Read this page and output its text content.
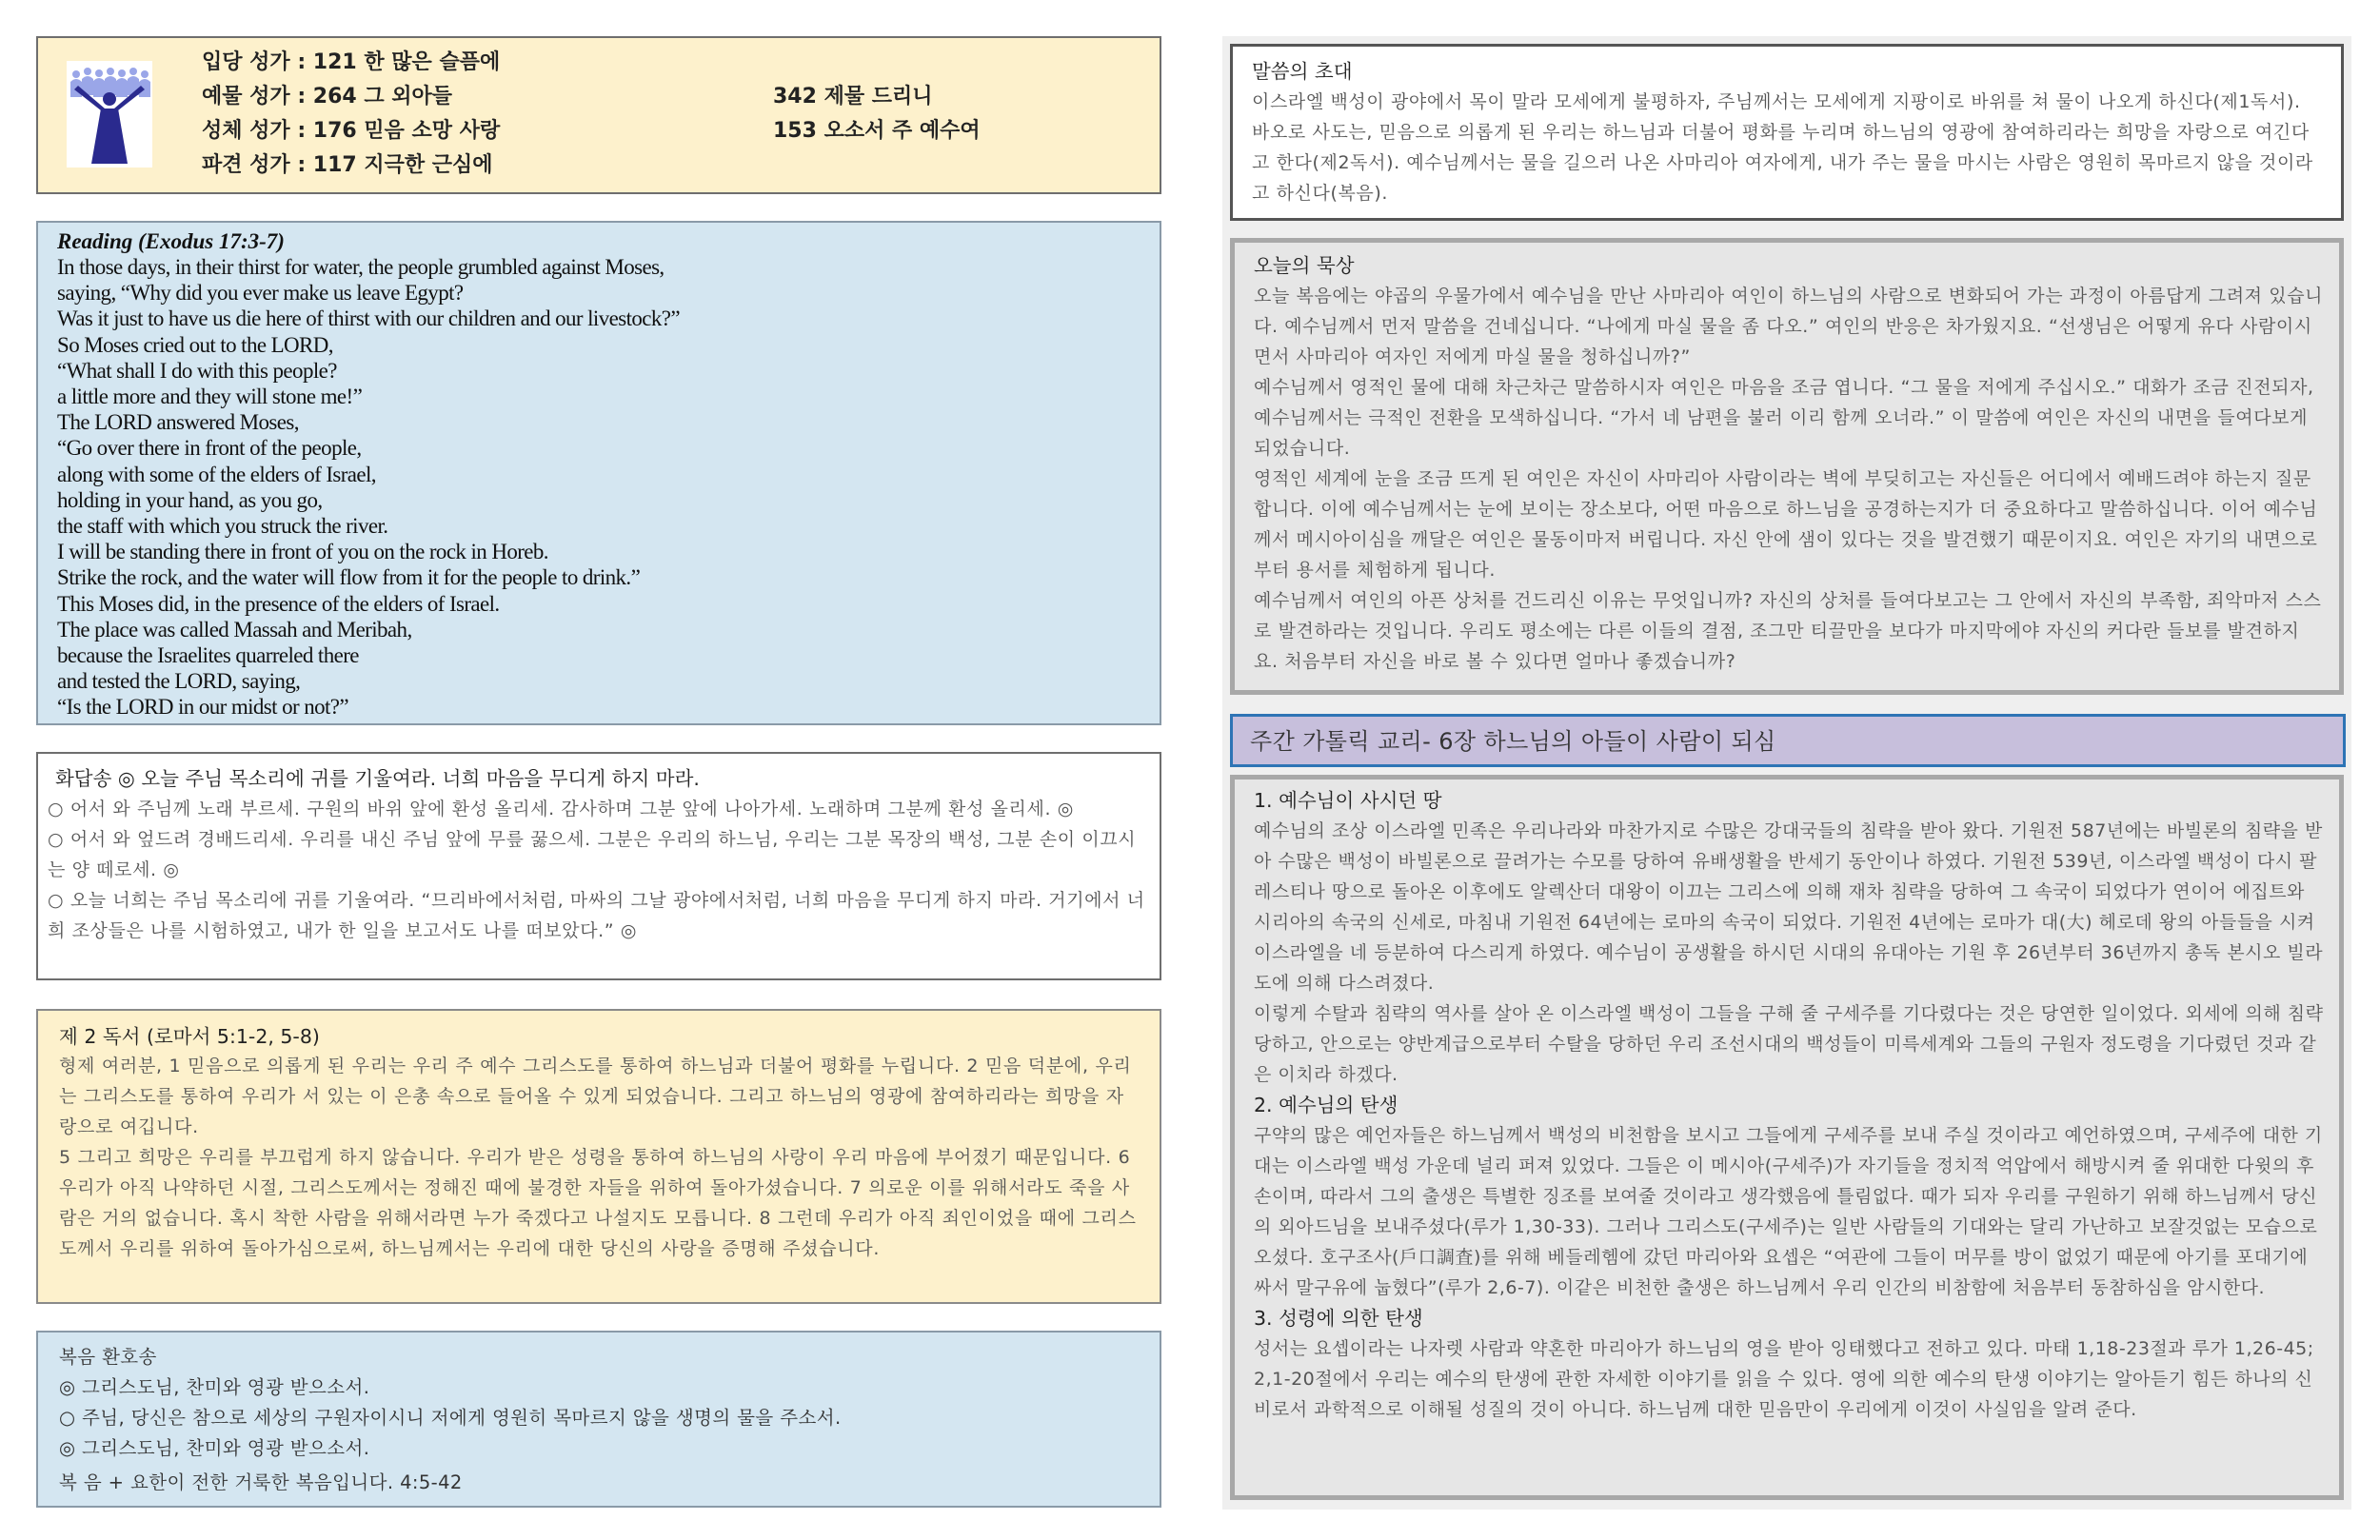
입당 성가 : 121 한 많은 슬픔에
예물 성가 : 264 그 외아들
성체 성가 : 176 믿음 소망 사랑
파견 성가 : 117 지극한 근심에
342 제물 드리니
153 오소서 주 예수여
Reading (Exodus 17:3-7)
In those days, in their thirst for water, the people grumbled against Moses,
saying, “Why did you ever make us leave Egypt?
Was it just to have us die here of thirst with our children and our livestock?”
So Moses cried out to the LORD,
“What shall I do with this people?
a little more and they will stone me!”
The LORD answered Moses,
“Go over there in front of the people,
along with some of the elders of Israel,
holding in your hand, as you go,
the staff with which you struck the river.
I will be standing there in front of you on the rock in Horeb.
Strike the rock, and the water will flow from it for the people to drink.”
This Moses did, in the presence of the elders of Israel.
The place was called Massah and Meribah,
because the Israelites quarreled there
and tested the LORD, saying,
“Is the LORD in our midst or not?”
화답송 ◎ 오늘 주님 목소리에 귀를 기울여라. 너희 마음을 무디게 하지 마라.
○ 어서 와 주님께 노래 부르세. 구원의 바위 앞에 환성 올리세. 감사하며 그분 앞에 나아가세. 노래하며 그분께 환성 올리세. ◎
○ 어서 와 엎드려 경배드리세. 우리를 내신 주님 앞에 무릎 꿇으세. 그분은 우리의 하느님, 우리는 그분 목장의 백성, 그분 손이 이끄시는 양 떼로세. ◎
○ 오늘 너희는 주님 목소리에 귀를 기울여라. “므리바에서처럼, 마싸의 그날 광야에서처럼, 너희 마음을 무디게 하지 마라. 거기에서 너희 조상들은 나를 시험하였고, 내가 한 일을 보고서도 나를 떠보았다.” ◎
제 2 독서 (로마서 5:1-2, 5-8)
형제 여러분, 1 믿음으로 의롭게 된 우리는 우리 주 예수 그리스도를 통하여 하느님과 더불어 평화를 누립니다. 2 믿음 덕분에, 우리는 그리스도를 통하여 우리가 서 있는 이 은총 속으로 들어올 수 있게 되었습니다. 그리고 하느님의 영광에 참여하리라는 희망을 자랑으로 여깁니다.
5 그리고 희망은 우리를 부끄럽게 하지 않습니다. 우리가 받은 성령을 통하여 하느님의 사랑이 우리 마음에 부어졌기 때문입니다. 6 우리가 아직 나약하던 시절, 그리스도께서는 정해진 때에 불경한 자들을 위하여 돌아가셨습니다. 7 의로운 이를 위해서라도 죽을 사람은 거의 없습니다. 혹시 착한 사람을 위해서라면 누가 죽겠다고 나설지도 모릅니다. 8 그런데 우리가 아직 죄인이었을 때에 그리스도께서 우리를 위하여 돌아가심으로써, 하느님께서는 우리에 대한 당신의 사랑을 증명해 주셨습니다.
복음 환호송
◎ 그리스도님, 찬미와 영광 받으소서.
○ 주님, 당신은 참으로 세상의 구원자이시니 저에게 영원히 목마르지 않을 생명의 물을 주소서.
◎ 그리스도님, 찬미와 영광 받으소서.
복 음 + 요한이 전한 거룩한 복음입니다. 4:5-42
말씀의 초대
이스라엘 백성이 광야에서 목이 말라 모세에게 불평하자, 주님께서는 모세에게 지팡이로 바위를 쳐 물이 나오게 하신다(제1독서). 바오로 사도는, 믿음으로 의롭게 된 우리는 하느님과 더불어 평화를 누리며 하느님의 영광에 참여하리라는 희망을 자랑으로 여긴다고 한다(제2독서). 예수님께서는 물을 길으러 나온 사마리아 여자에게, 내가 주는 물을 마시는 사람은 영원히 목마르지 않을 것이라고 하신다(복음).
오늘의 묵상
오늘 복음에는 야곱의 우물가에서 예수님을 만난 사마리아 여인이 하느님의 사람으로 변화되어 가는 과정이 아름답게 그려져 있습니다. 예수님께서 먼저 말씀을 건네십니다. “나에게 마실 물을 좀 다오.” 여인의 반응은 차가웠지요. “선생님은 어떻게 유다 사람이시면서 사마리아 여자인 저에게 마실 물을 청하십니까?”
예수님께서 영적인 물에 대해 차근차근 말씀하시자 여인은 마음을 조금 엽니다. “그 물을 저에게 주십시오.” 대화가 조금 진전되자, 예수님께서는 극적인 전환을 모색하십니다. “가서 네 남편을 불러 이리 함께 오너라.” 이 말씀에 여인은 자신의 내면을 들여다보게 되었습니다.
영적인 세계에 눈을 조금 뜨게 된 여인은 자신이 사마리아 사람이라는 벽에 부딪히고는 자신들은 어디에서 예배드려야 하는지 질문합니다. 이에 예수님께서는 눈에 보이는 장소보다, 어떤 마음으로 하느님을 공경하는지가 더 중요하다고 말씀하십니다. 이어 예수님께서 메시아이심을 깨달은 여인은 물동이마저 버립니다. 자신 안에 샘이 있다는 것을 발견했기 때문이지요. 여인은 자기의 내면으로부터 용서를 체험하게 됩니다.
예수님께서 여인의 아픈 상처를 건드리신 이유는 무엇입니까? 자신의 상처를 들여다보고는 그 안에서 자신의 부족함, 죄악마저 스스로 발견하라는 것입니다. 우리도 평소에는 다른 이들의 결점, 조그만 티끌만을 보다가 마지막에야 자신의 커다란 들보를 발견하지요. 처음부터 자신을 바로 볼 수 있다면 얼마나 좋겠습니까?
주간 가톨릭 교리- 6장 하느님의 아들이 사람이 되심
1. 예수님이 사시던 땅
예수님의 조상 이스라엘 민족은 우리나라와 마찬가지로 수많은 강대국들의 침략을 받아 왔다. 기원전 587년에는 바빌론의 침략을 받아 수많은 백성이 바빌론으로 끌려가는 수모를 당하여 유배생활을 반세기 동안이나 하였다. 기원전 539년, 이스라엘 백성이 다시 팔레스티나 땅으로 돌아온 이후에도 알렉산더 대왕이 이끄는 그리스에 의해 재차 침략을 당하여 그 속국이 되었다가 연이어 에집트와 시리아의 속국의 신세로, 마침내 기원전 64년에는 로마의 속국이 되었다. 기원전 4년에는 로마가 대(大) 헤로데 왕의 아들들을 시켜 이스라엘을 네 등분하여 다스리게 하였다. 예수님이 공생활을 하시던 시대의 유대아는 기원 후 26년부터 36년까지 총독 본시오 빌라도에 의해 다스려졌다.
이렇게 수탈과 침략의 역사를 살아 온 이스라엘 백성이 그들을 구해 줄 구세주를 기다렸다는 것은 당연한 일이었다. 외세에 의해 침략 당하고, 안으로는 양반계급으로부터 수탈을 당하던 우리 조선시대의 백성들이 미륵세계와 그들의 구원자 정도령을 기다렸던 것과 같은 이치라 하겠다.
2. 예수님의 탄생
구약의 많은 예언자들은 하느님께서 백성의 비천함을 보시고 그들에게 구세주를 보내 주실 것이라고 예언하였으며, 구세주에 대한 기대는 이스라엘 백성 가운데 널리 퍼져 있었다. 그들은 이 메시아(구세주)가 자기들을 정치적 억압에서 해방시켜 줄 위대한 다윗의 후손이며, 따라서 그의 출생은 특별한 징조를 보여줄 것이라고 생각했음에 틀림없다. 때가 되자 우리를 구원하기 위해 하느님께서 당신의 외아드님을 보내주셨다(루가 1,30-33). 그러나 그리스도(구세주)는 일반 사람들의 기대와는 달리 가난하고 보잘것없는 모습으로 오셨다. 호구조사(戶口調査)를 위해 베들레헴에 갔던 마리아와 요셉은 “여관에 그들이 머무를 방이 없었기 때문에 아기를 포대기에 싸서 말구유에 눕혔다”(루가 2,6-7). 이같은 비천한 출생은 하느님께서 우리 인간의 비참함에 처음부터 동참하심을 암시한다.
3. 성령에 의한 탄생
성서는 요셉이라는 나자렛 사람과 약혼한 마리아가 하느님의 영을 받아 잉태했다고 전하고 있다. 마태 1,18-23절과 루가 1,26-45; 2,1-20절에서 우리는 예수의 탄생에 관한 자세한 이야기를 읽을 수 있다. 영에 의한 예수의 탄생 이야기는 알아듣기 힘든 하나의 신비로서 과학적으로 이해될 성질의 것이 아니다. 하느님께 대한 믿음만이 우리에게 이것이 사실임을 알려 준다.
